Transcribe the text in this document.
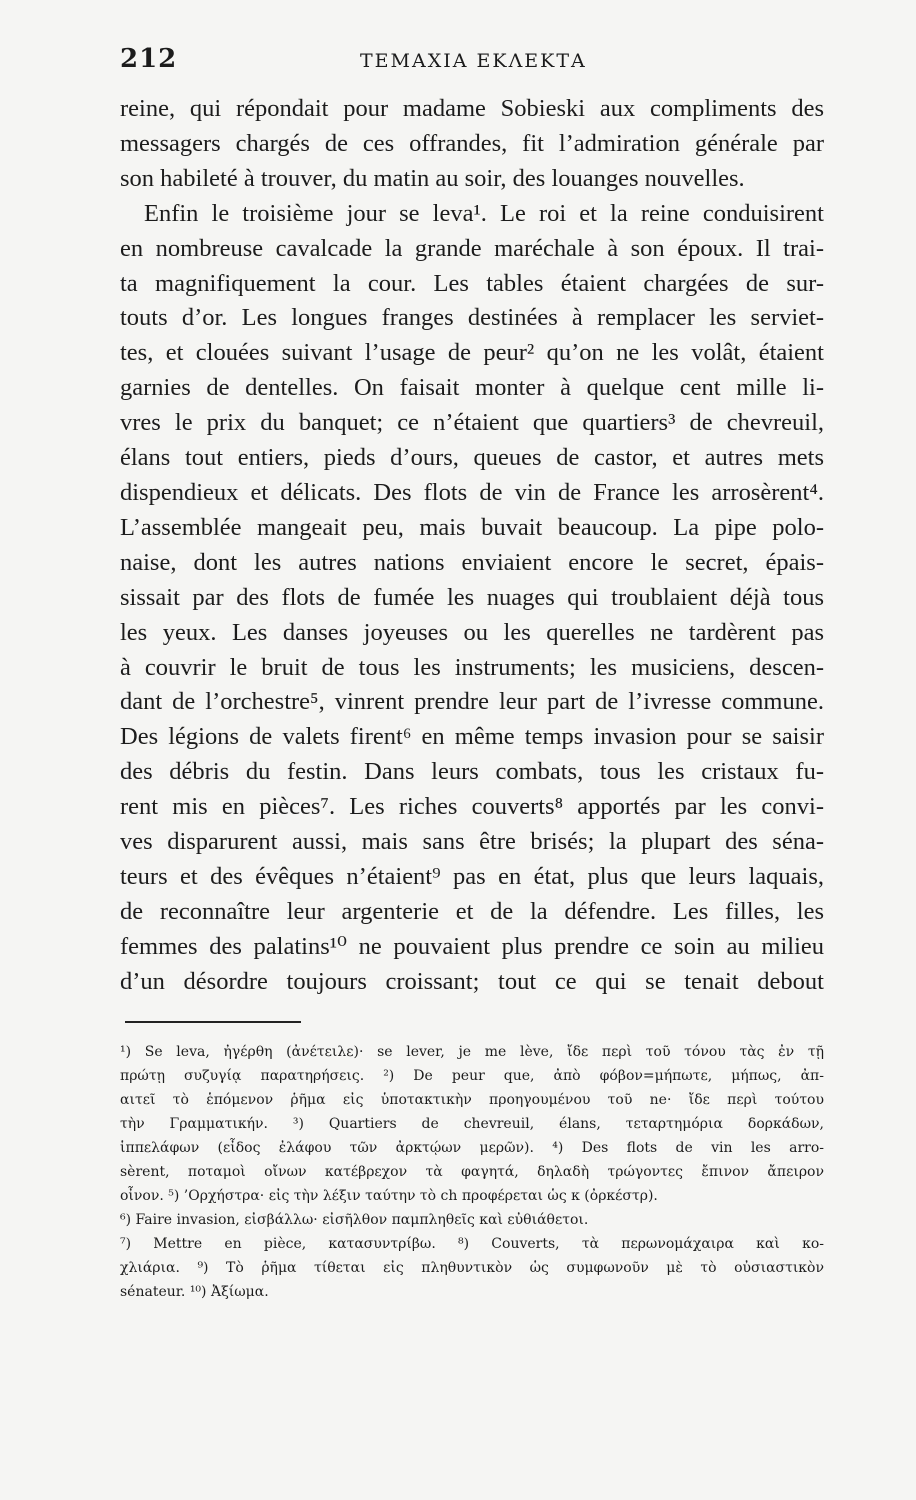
212	ΤΕΜΑΧΙΑ ΕΚΛΕΚΤΑ
reine, qui répondait pour madame Sobieski aux compliments des
messagers chargés de ces offrandes, fit l’admiration générale par
son habileté à trouver, du matin au soir, des louanges nouvelles.
Enfin le troisième jour se leva¹. Le roi et la reine conduisirent
en nombreuse cavalcade la grande maréchale à son époux. Il trai-
ta magnifiquement la cour. Les tables étaient chargées de sur-
touts d’or. Les longues franges destinées à remplacer les serviet-
tes, et clouées suivant l’usage de peur² qu’on ne les volât, étaient
garnies de dentelles. On faisait monter à quelque cent mille li-
vres le prix du banquet; ce n’étaient que quartiers³ de chevreuil,
élans tout entiers, pieds d’ours, queues de castor, et autres mets
dispendieux et délicats. Des flots de vin de France les arrosèrent⁴.
L’assemblée mangeait peu, mais buvait beaucoup. La pipe polo-
naise, dont les autres nations enviaient encore le secret, épais-
sissait par des flots de fumée les nuages qui troublaient déjà tous
les yeux. Les danses joyeuses ou les querelles ne tardèrent pas
à couvrir le bruit de tous les instruments; les musiciens, descen-
dant de l’orchestre⁵, vinrent prendre leur part de l’ivresse commune.
Des légions de valets firent⁶ en même temps invasion pour se saisir
des débris du festin. Dans leurs combats, tous les cristaux fu-
rent mis en pièces⁷. Les riches couverts⁸ apportés par les convi-
ves disparurent aussi, mais sans être brisés; la plupart des séna-
teurs et des évêques n’étaient⁹ pas en état, plus que leurs laquais,
de reconnaître leur argenterie et de la défendre. Les filles, les
femmes des palatins¹⁰ ne pouvaient plus prendre ce soin au milieu
d’un désordre toujours croissant; tout ce qui se tenait debout
¹) Se leva, ἠγέρθη (ἀνέτειλε)· se lever, je me lève, ἴδε περὶ τοῦ τόνου τὰς ἐν τῇ
πρώτῃ συζυγίᾳ παρατηρήσεις. ²) De peur que, ἀπὸ φόβον=μήπωτε, μήπως, ἀπ-
αιτεῖ τὸ ἑπόμενον ῥῆμα εἰς ὑποτακτικὴν προηγουμένου τοῦ ne· ἴδε περὶ τούτου
τὴν Γραμματικήν. ³) Quartiers de chevreuil, élans, τεταρτημόρια δορκάδων,
ἱππελάφων (εἶδος ἐλάφου τῶν ἀρκτῴων μερῶν). ⁴) Des flots de vin les arro-
sèrent, ποταμοὶ οἴνων κατέβρεχον τὰ φαγητά, δηλαδὴ τρώγοντες ἔπινον ἄπειρον
οἶνον. ⁵) ’Ορχήστρα· εἰς τὴν λέξιν ταύτην τὸ ch προφέρεται ὡς κ (ὀρκέστρ).
⁶) Faire invasion, εἰσβάλλω· εἰσῆλθον παμπληθεῖς καὶ εὐθιάθετοι.
⁷) Mettre en pièce, κατασυντρίβω. ⁸) Couverts, τὰ περωνομάχαιρα καὶ κο-
χλιάρια. ⁹) Τὸ ῥῆμα τίθεται εἰς πληθυντικὸν ὡς συμφωνοῦν μὲ τὸ οὐσιαστικὸν
sénateur. ¹⁰) Ἀξίωμα.
